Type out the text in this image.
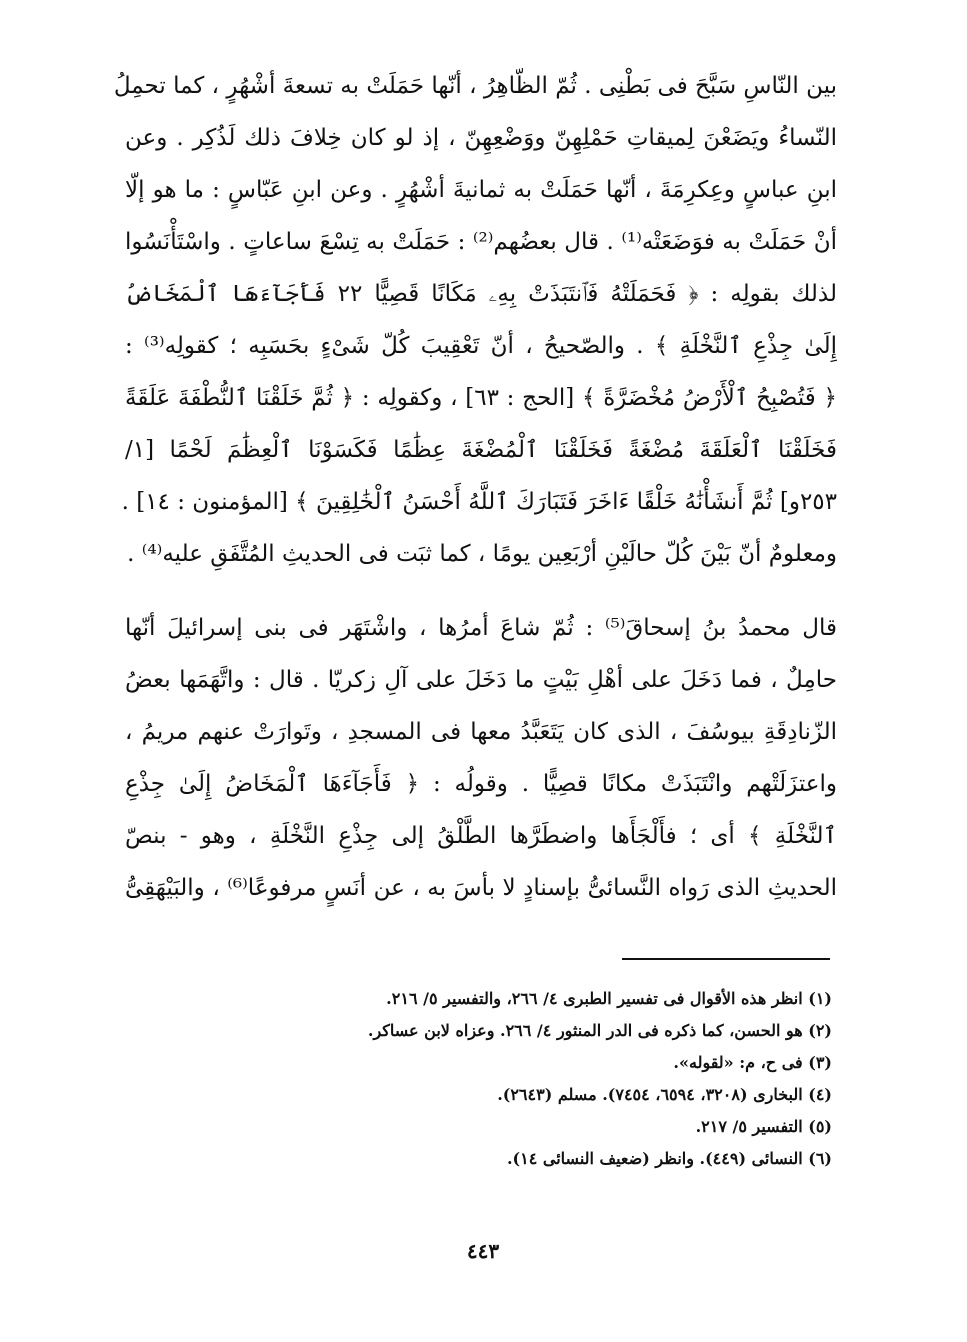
بين النّاسِ سَبَّحَ فى بَطْنِى . ثُمّ الظّاهِرُ ، أنّها حَمَلَتْ به تسعةَ أشْهُرٍ ، كما تحمِلُ
النّساءُ ويَضَعْنَ لِميقاتِ حَمْلِهِنّ ووَضْعِهِنّ ، إذ لو كان خِلافَ ذلك لَذُكِر . وعن
ابنِ عباسٍ وعِكرِمَةَ ، أنّها حَمَلَتْ به ثمانيةَ أشْهُرٍ . وعن ابنِ عَبّاسٍ : ما هو إلّا
أنْ حَمَلَتْ به فوَضَعَتْه⁽¹⁾ . قال بعضُهم⁽²⁾ : حَمَلَتْ به تِسْعَ ساعاتٍ . واسْتَأْنَسُوا
لذلك بقولِه : ﴿ فَحَمَلَتْهُ فَٱنتَبَذَتْ بِهِۦ مَكَانًا قَصِيًّا ٢٢ فَأَجَآءَهَا ٱلْمَخَاضُ
إِلَىٰ جِذْعِ ٱلنَّخْلَةِ ﴾ . والصّحيحُ ، أنّ تَعْقِيبَ كُلّ شَىْءٍ بحَسَبِه ؛ كقولِه⁽³⁾ :
﴿ فَتُصْبِحُ ٱلْأَرْضُ مُخْضَرَّةً ﴾ [الحج : ٦٣] ، وكقولِه : ﴿ ثُمَّ خَلَقْنَا ٱلنُّطْفَةَ عَلَقَةً
فَخَلَقْنَا ٱلْعَلَقَةَ مُضْغَةً فَخَلَقْنَا ٱلْمُضْغَةَ عِظَٰمًا فَكَسَوْنَا ٱلْعِظَٰمَ لَحْمًا [١/
٢٥٣و] ثُمَّ أَنشَأْنَٰهُ خَلْقًا ءَاخَرَ فَتَبَارَكَ ٱللَّهُ أَحْسَنُ ٱلْخَٰلِقِينَ ﴾ [المؤمنون : ١٤] .
ومعلومٌ أنّ بَيْنَ كُلّ حالَيْنِ أرْبَعِين يومًا ، كما ثبَت فى الحديثِ المُتَّفَقِ عليه⁽⁴⁾ .
قال محمدُ بنُ إسحاقَ⁽⁵⁾ : ثُمّ شاعَ أمرُها ، واشْتَهَر فى بنى إسرائيلَ أنّها
حامِلٌ ، فما دَخَلَ على أهْلِ بَيْتٍ ما دَخَلَ على آلِ زكريّا . قال : واتَّهَمَها بعضُ
الزّنادِقَةِ بيوسُفَ ، الذى كان يَتَعَبَّدُ معها فى المسجدِ ، وتَوارَتْ عنهم مريمُ ،
واعتزَلَتْهم وانْتَبَذَتْ مكانًا قصِيًّا . وقولُه : ﴿ فَأَجَآءَهَا ٱلْمَخَاضُ إِلَىٰ جِذْعِ
ٱلنَّخْلَةِ ﴾ أى ؛ فأَلْجَأَها واضطَرَّها الطَّلْقُ إلى جِذْعِ النَّخْلَةِ ، وهو - بنصّ
الحديثِ الذى رَواه النَّسائىُّ بإسنادٍ لا بأسَ به ، عن أنَسٍ مرفوعًا⁽⁶⁾ ، والبَيْهَقِىُّ
(١) انظر هذه الأقوال فى تفسير الطبرى ٤/ ٢٦٦، والتفسير ٥/ ٢١٦.
(٢) هو الحسن، كما ذكره فى الدر المنثور ٤/ ٢٦٦. وعزاه لابن عساكر.
(٣) فى ح، م: «لقوله».
(٤) البخارى (٣٢٠٨، ٦٥٩٤، ٧٤٥٤). مسلم (٢٦٤٣).
(٥) التفسير ٥/ ٢١٧.
(٦) النسائى (٤٤٩). وانظر (ضعيف النسائى ١٤).
٤٤٣
